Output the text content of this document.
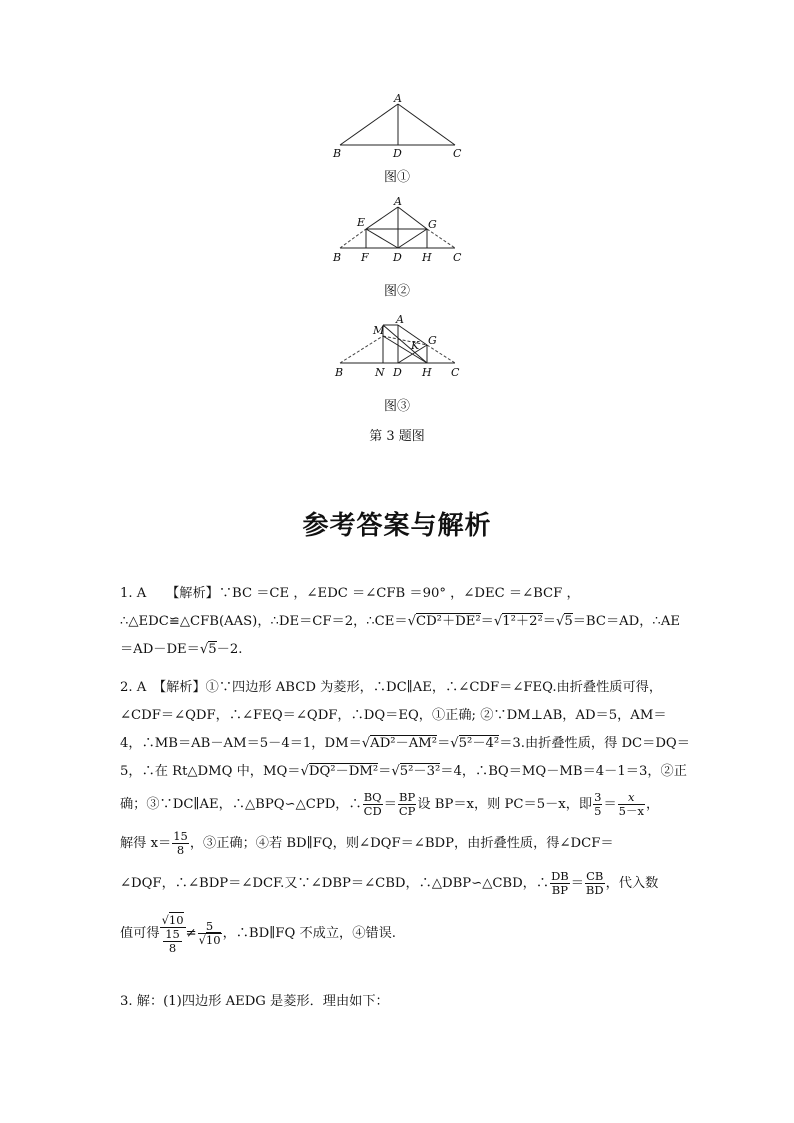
A
B	D	C
图①
A
E	G
B F D H C
图②
M
A
K G
B	N D H C
图③
第 3 题图
参考答案与解析
1. A　　【解析】∵BC ＝CE ，∠EDC ＝∠CFB ＝90° ，∠DEC ＝∠BCF ，
∴△EDC≌△CFB(AAS)，∴DE＝CF＝2，∴CE＝√CD²＋DE²＝√1²＋2²＝√5＝BC＝AD，∴AE
＝AD－DE＝√5－2.
2. A　【解析】①∵四边形 ABCD 为菱形，∴DC∥AE，∴∠CDF＝∠FEQ.由折叠性质可得，
∠CDF＝∠QDF，∴∠FEQ＝∠QDF，∴DQ＝EQ，①正确; ②∵DM⊥AB，AD＝5，AM＝
4，∴MB＝AB－AM＝5－4＝1，DM＝√AD²－AM²＝√5²－4²＝3.由折叠性质，得 DC＝DQ＝
5，∴在 Rt△DMQ 中，MQ＝√DQ²－DM²＝√5²－3²＝4，∴BQ＝MQ－MB＝4－1＝3，②正
确；③∵DC∥AE，∴△BPQ∽△CPD，∴ $\frac{BQ}{CD} = \frac{BP}{CP}$ 设 BP＝x，则 PC＝5－x，即 $\frac{3}{5} = \frac{x}{5-x}$ ，
解得 $x= \frac{15}{8}$ ，③正确；④若 BD∥FQ，则∠DQF＝∠BDP，由折叠性质，得∠DCF＝
∠DQF，∴∠BDP＝∠DCF.又∵∠DBP＝∠CBD，∴△DBP∽△CBD，∴ $\frac{DB}{BP} = \frac{CB}{BD}$ ，代入数
值可得 $\frac{√10}{\frac{15}{8}} \ne \frac{5}{√10}$ ，∴BD∥FQ 不成立，④错误.
3. 解：(1)四边形 AEDG 是菱形．理由如下：
